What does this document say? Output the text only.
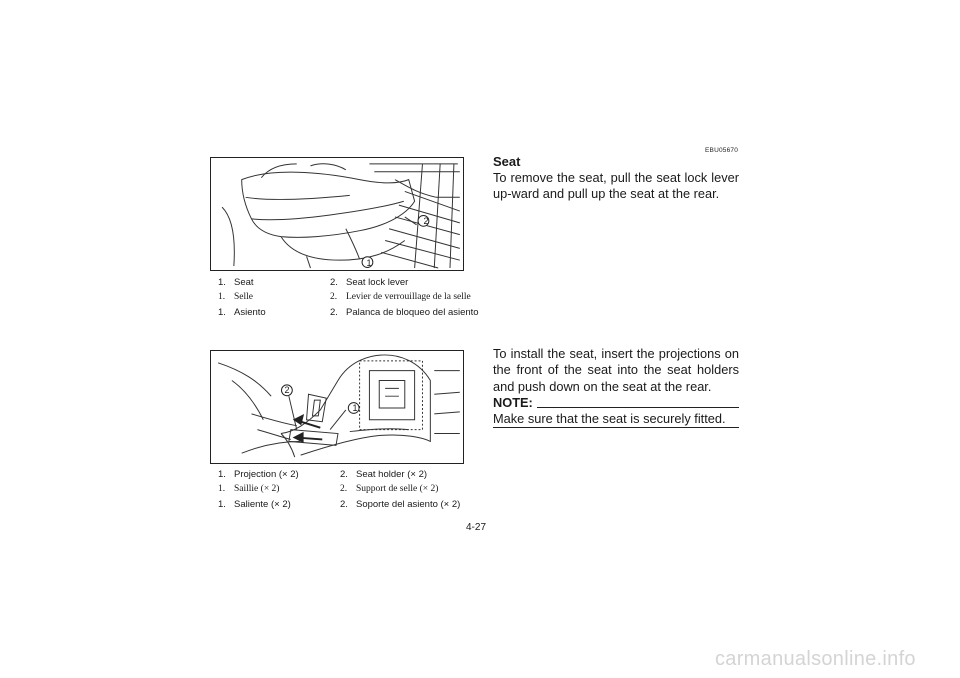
1
2
1. Seat	2. Seat lock lever
1. Selle	2. Levier de verrouillage de la selle
1. Asiento	2. Palanca de bloqueo del asiento
2
1
1. Projection (× 2)	2. Seat holder (× 2)
1. Saillie (× 2)	2. Support de selle (× 2)
1. Saliente (× 2)	2. Soporte del asiento (× 2)
EBU05670
Seat
To remove the seat, pull the seat lock lever up-ward and pull up the seat at the rear.
To install the seat, insert the projections on the front of the seat into the seat holders and push down on the seat at the rear.
NOTE:
Make sure that the seat is securely fitted.
4-27
carmanualsonline.info
